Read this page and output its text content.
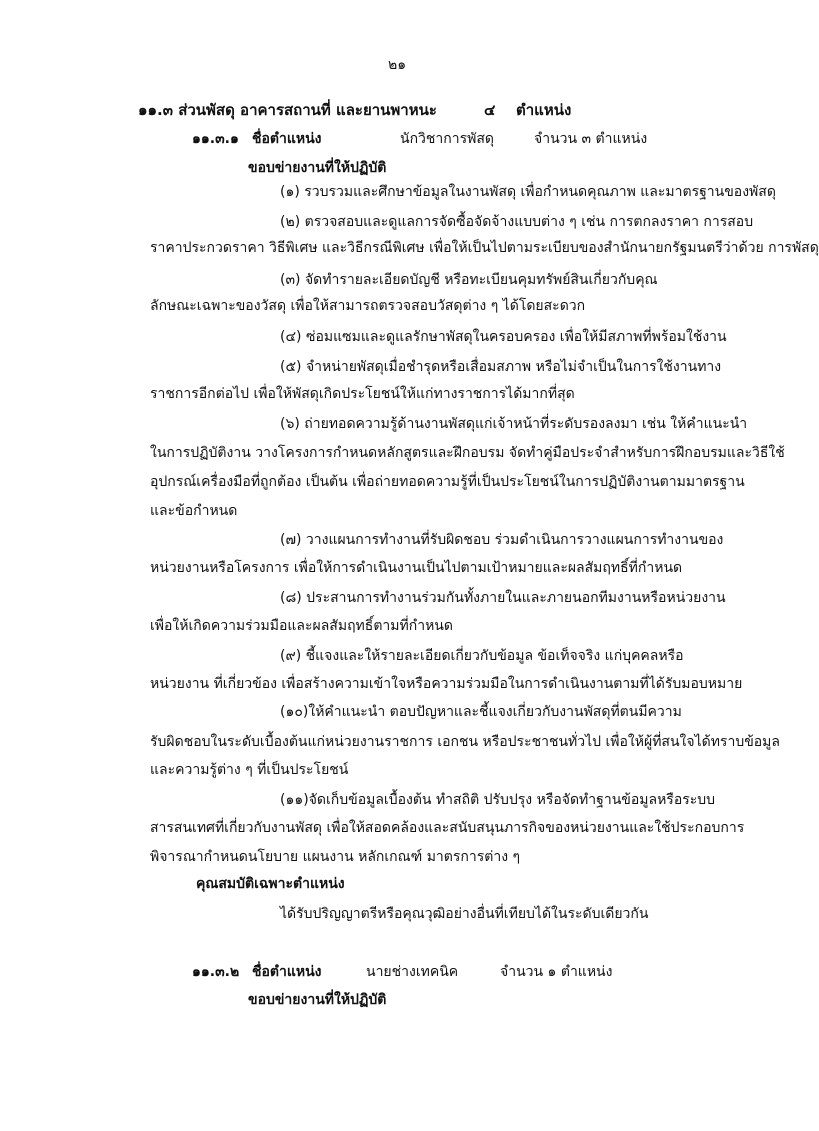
๒๑
๑๑.๓ ส่วนพัสดุ อาคารสถานที่ และยานพาหนะ	๔ ตำแหน่ง
๑๑.๓.๑ ชื่อตำแหน่ง	นักวิชาการพัสดุ	จำนวน ๓ ตำแหน่ง
ขอบข่ายงานที่ให้ปฏิบัติ
(๑) รวบรวมและศึกษาข้อมูลในงานพัสดุ เพื่อกำหนดคุณภาพ และมาตรฐานของพัสดุ
(๒) ตรวจสอบและดูแลการจัดซื้อจัดจ้างแบบต่าง ๆ เช่น การตกลงราคา การสอบ
ราคาประกวดราคา วิธีพิเศษ และวิธีกรณีพิเศษ เพื่อให้เป็นไปตามระเบียบของสำนักนายกรัฐมนตรีว่าด้วย การพัสดุ
(๓) จัดทำรายละเอียดบัญชี หรือทะเบียนคุมทรัพย์สินเกี่ยวกับคุณ
ลักษณะเฉพาะของวัสดุ เพื่อให้สามารถตรวจสอบวัสดุต่าง ๆ ได้โดยสะดวก
(๔) ซ่อมแซมและดูแลรักษาพัสดุในครอบครอง เพื่อให้มีสภาพที่พร้อมใช้งาน
(๕) จำหน่ายพัสดุเมื่อชำรุดหรือเสื่อมสภาพ หรือไม่จำเป็นในการใช้งานทาง
ราชการอีกต่อไป เพื่อให้พัสดุเกิดประโยชน์ให้แก่ทางราชการได้มากที่สุด
(๖) ถ่ายทอดความรู้ด้านงานพัสดุแก่เจ้าหน้าที่ระดับรองลงมา เช่น ให้คำแนะนำ
ในการปฏิบัติงาน วางโครงการกำหนดหลักสูตรและฝึกอบรม จัดทำคู่มือประจำสำหรับการฝึกอบรมและวิธีใช้
อุปกรณ์เครื่องมือที่ถูกต้อง เป็นต้น เพื่อถ่ายทอดความรู้ที่เป็นประโยชน์ในการปฏิบัติงานตามมาตรฐาน
และข้อกำหนด
(๗) วางแผนการทำงานที่รับผิดชอบ ร่วมดำเนินการวางแผนการทำงานของ
หน่วยงานหรือโครงการ เพื่อให้การดำเนินงานเป็นไปตามเป้าหมายและผลสัมฤทธิ์ที่กำหนด
(๘) ประสานการทำงานร่วมกันทั้งภายในและภายนอกทีมงานหรือหน่วยงาน
เพื่อให้เกิดความร่วมมือและผลสัมฤทธิ์ตามที่กำหนด
(๙) ชี้แจงและให้รายละเอียดเกี่ยวกับข้อมูล ข้อเท็จจริง แก่บุคคลหรือ
หน่วยงาน ที่เกี่ยวข้อง เพื่อสร้างความเข้าใจหรือความร่วมมือในการดำเนินงานตามที่ได้รับมอบหมาย
(๑๐)ให้คำแนะนำ ตอบปัญหาและชี้แจงเกี่ยวกับงานพัสดุที่ตนมีความ
รับผิดชอบในระดับเบื้องต้นแก่หน่วยงานราชการ เอกชน หรือประชาชนทั่วไป เพื่อให้ผู้ที่สนใจได้ทราบข้อมูล
และความรู้ต่าง ๆ ที่เป็นประโยชน์
(๑๑)จัดเก็บข้อมูลเบื้องต้น ทำสถิติ ปรับปรุง หรือจัดทำฐานข้อมูลหรือระบบ
สารสนเทศที่เกี่ยวกับงานพัสดุ เพื่อให้สอดคล้องและสนับสนุนภารกิจของหน่วยงานและใช้ประกอบการ
พิจารณากำหนดนโยบาย แผนงาน หลักเกณฑ์ มาตรการต่าง ๆ
คุณสมบัติเฉพาะตำแหน่ง
ได้รับปริญญาตรีหรือคุณวุฒิอย่างอื่นที่เทียบได้ในระดับเดียวกัน
๑๑.๓.๒ ชื่อตำแหน่ง	นายช่างเทคนิค	จำนวน ๑ ตำแหน่ง
ขอบข่ายงานที่ให้ปฏิบัติ
